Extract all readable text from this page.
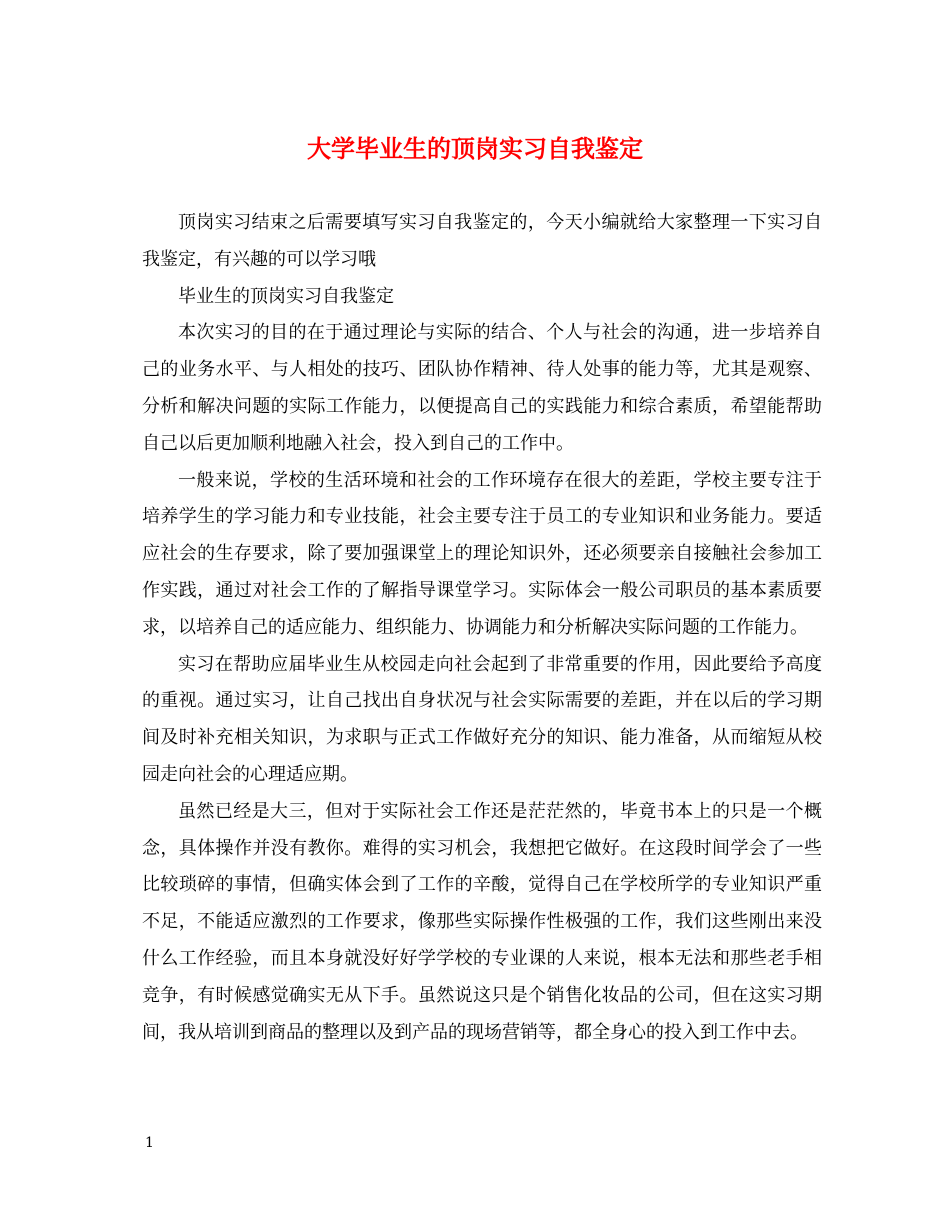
大学毕业生的顶岗实习自我鉴定

顶岗实习结束之后需要填写实习自我鉴定的，今天小编就给大家整理一下实习自我鉴定，有兴趣的可以学习哦

毕业生的顶岗实习自我鉴定

本次实习的目的在于通过理论与实际的结合、个人与社会的沟通，进一步培养自己的业务水平、与人相处的技巧、团队协作精神、待人处事的能力等，尤其是观察、分析和解决问题的实际工作能力，以便提高自己的实践能力和综合素质，希望能帮助自己以后更加顺利地融入社会，投入到自己的工作中。

一般来说，学校的生活环境和社会的工作环境存在很大的差距，学校主要专注于培养学生的学习能力和专业技能，社会主要专注于员工的专业知识和业务能力。要适应社会的生存要求，除了要加强课堂上的理论知识外，还必须要亲自接触社会参加工作实践，通过对社会工作的了解指导课堂学习。实际体会一般公司职员的基本素质要求，以培养自己的适应能力、组织能力、协调能力和分析解决实际问题的工作能力。

实习在帮助应届毕业生从校园走向社会起到了非常重要的作用，因此要给予高度的重视。通过实习，让自己找出自身状况与社会实际需要的差距，并在以后的学习期间及时补充相关知识，为求职与正式工作做好充分的知识、能力准备，从而缩短从校园走向社会的心理适应期。

虽然已经是大三，但对于实际社会工作还是茫茫然的，毕竟书本上的只是一个概念，具体操作并没有教你。难得的实习机会，我想把它做好。在这段时间学会了一些比较琐碎的事情，但确实体会到了工作的辛酸，觉得自己在学校所学的专业知识严重不足，不能适应激烈的工作要求，像那些实际操作性极强的工作，我们这些刚出来没什么工作经验，而且本身就没好好学学校的专业课的人来说，根本无法和那些老手相竞争，有时候感觉确实无从下手。虽然说这只是个销售化妆品的公司，但在这实习期间，我从培训到商品的整理以及到产品的现场营销等，都全身心的投入到工作中去。

1
